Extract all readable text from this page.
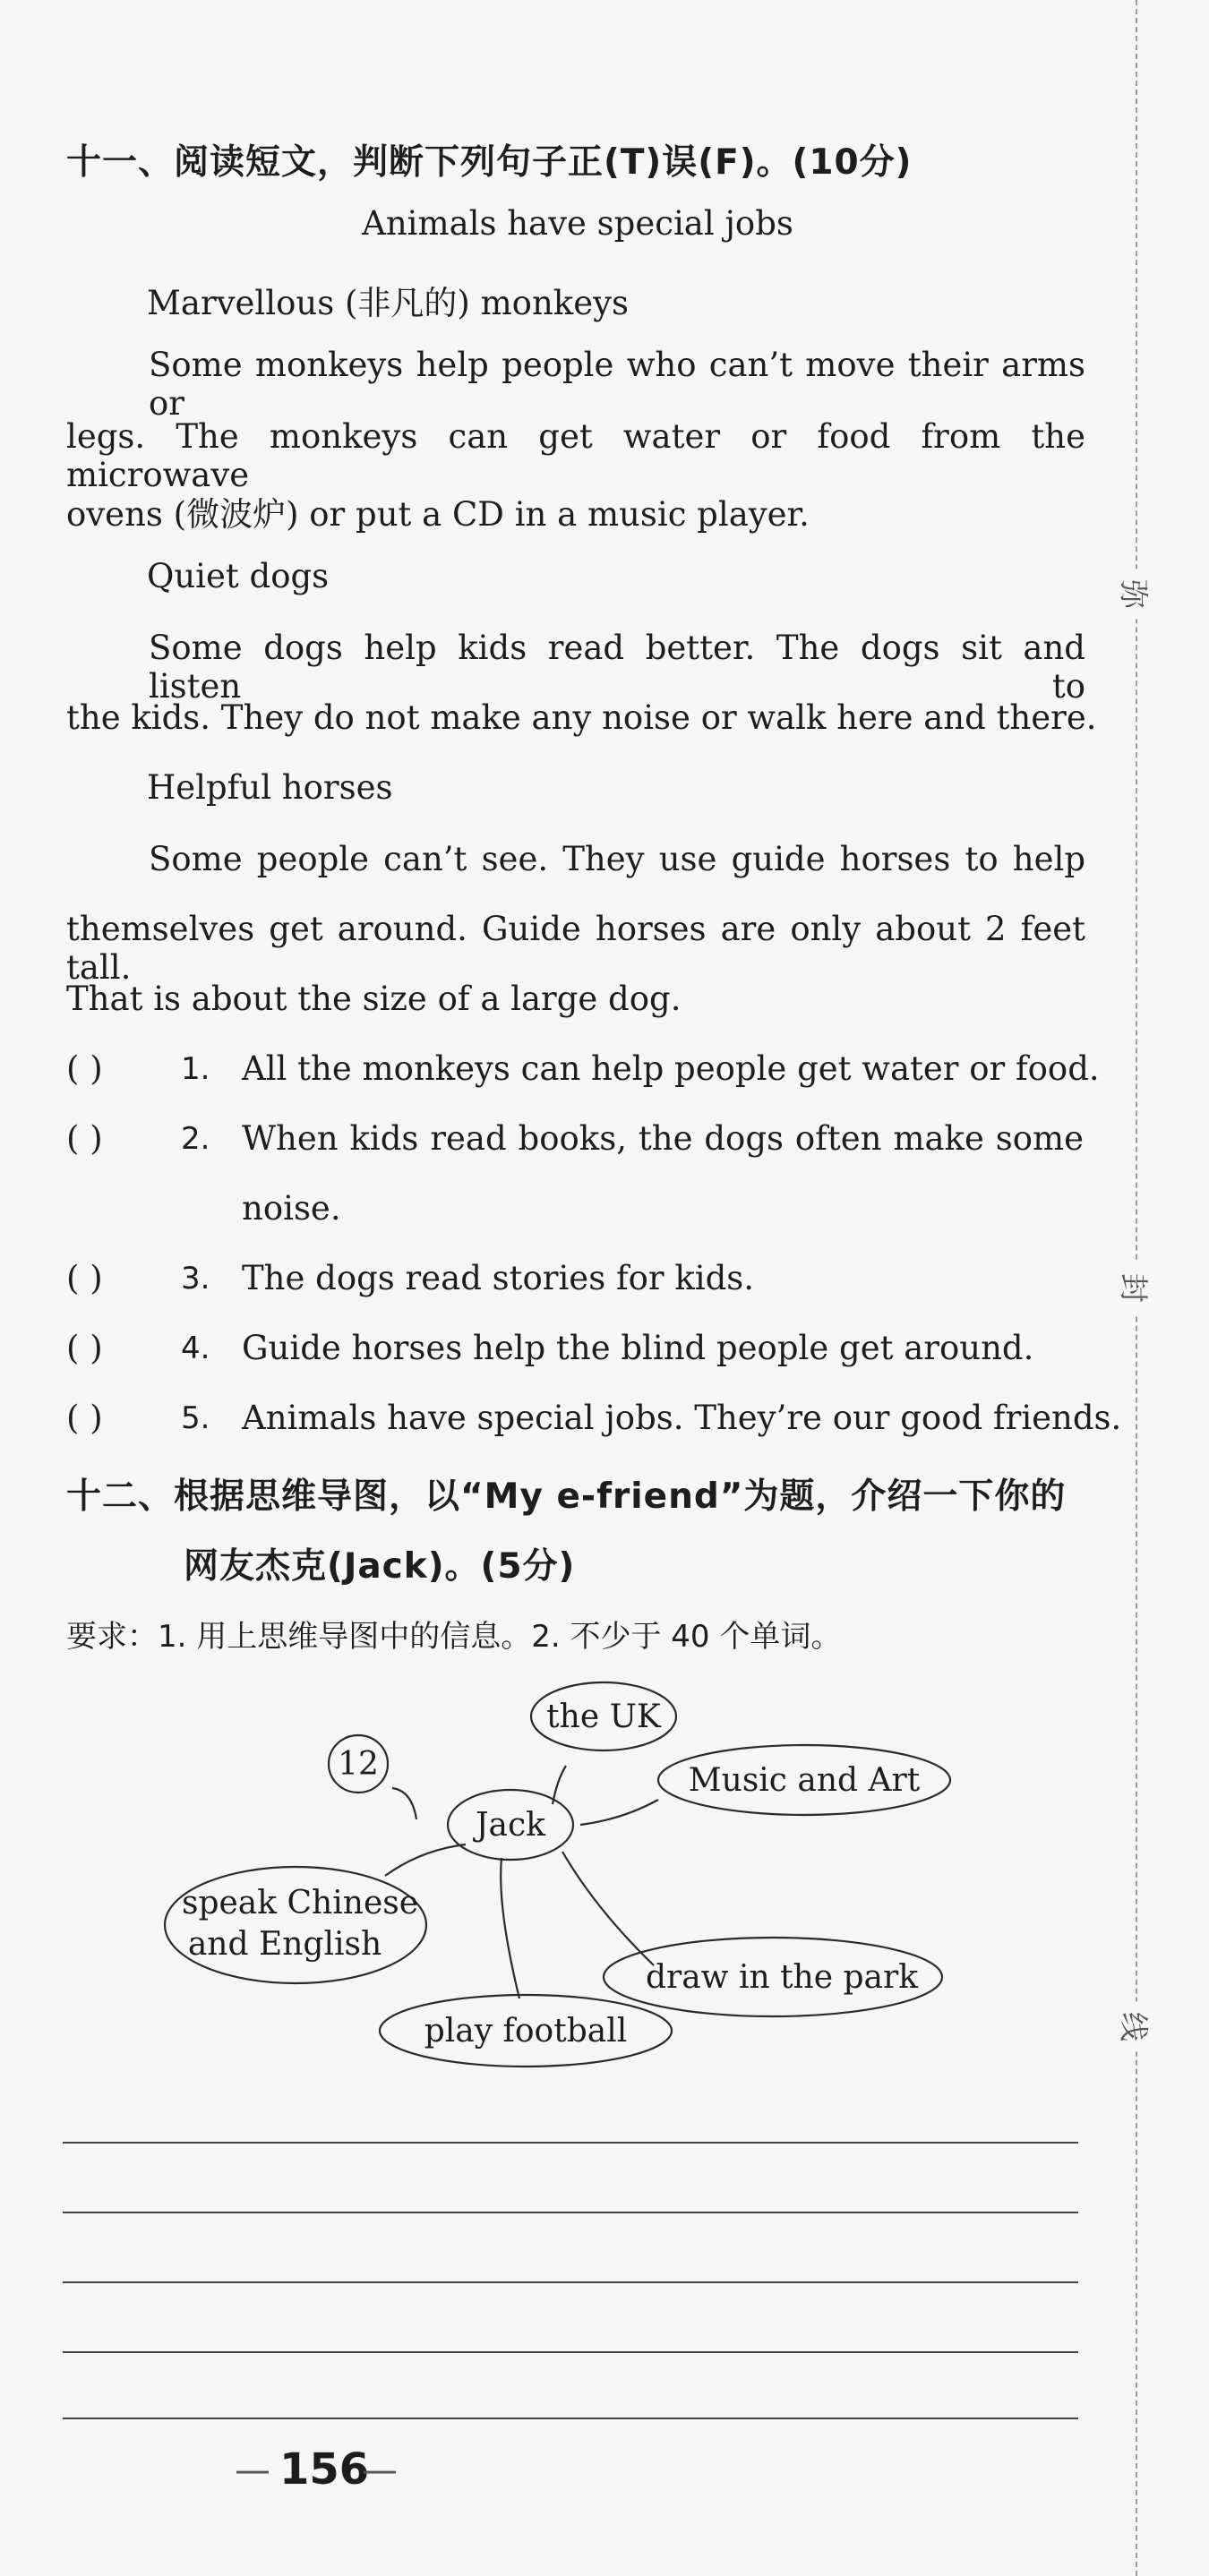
弥
封
线
十一、阅读短文，判断下列句子正(T)误(F)。(10分)
Animals have special jobs
Marvellous (非凡的) monkeys
Some monkeys help people who can’t move their arms or
legs. The monkeys can get water or food from the microwave
ovens (微波炉) or put a CD in a music player.
Quiet dogs
Some dogs help kids read better. The dogs sit and listen to
the kids. They do not make any noise or walk here and there.
Helpful horses
Some people can’t see. They use guide horses to help
themselves get around. Guide horses are only about 2 feet tall.
That is about the size of a large dog.
( )	1. All the monkeys can help people get water or food.
( )	2. When kids read books, the dogs often make some
noise.
( )	3. The dogs read stories for kids.
( )	4. Guide horses help the blind people get around.
( )	5. Animals have special jobs. They’re our good friends.
十二、根据思维导图，以“My e-friend”为题，介绍一下你的
网友杰克(Jack)。(5分)
要求：1. 用上思维导图中的信息。2. 不少于 40 个单词。
12
the UK
Music and Art
Jack
speak Chinese
and English
draw in the park
play football
— 156
—
